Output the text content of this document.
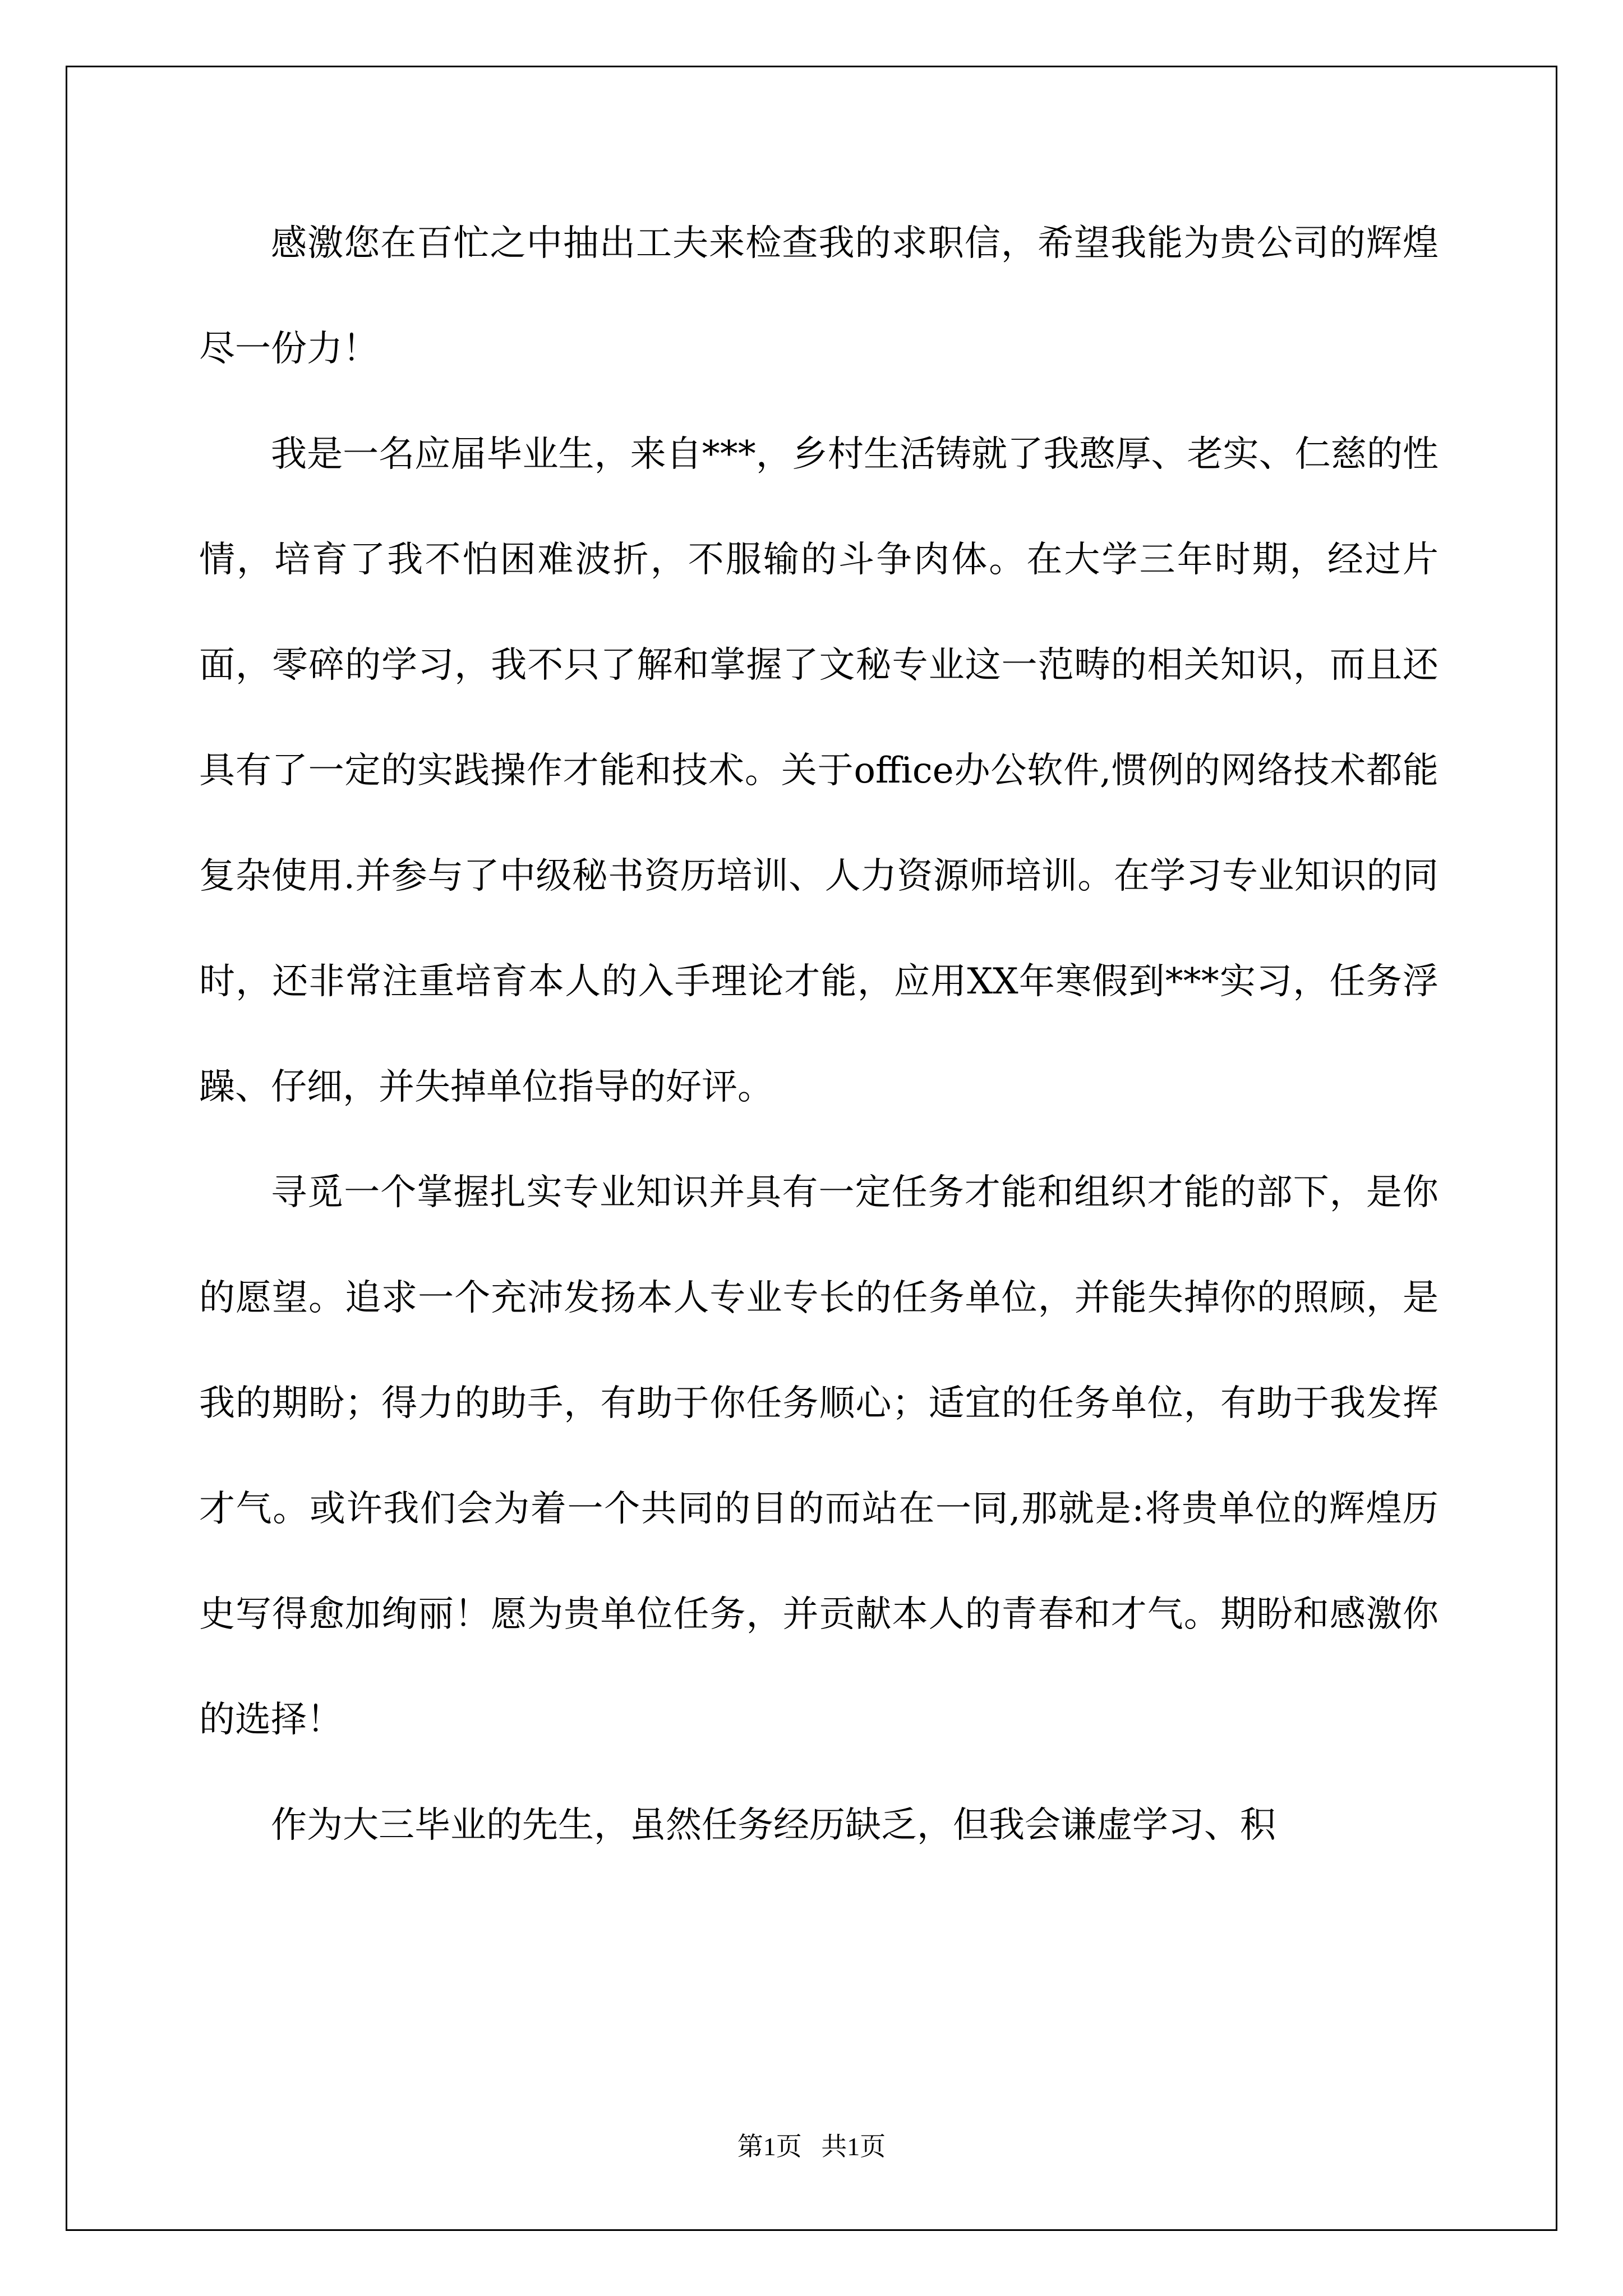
感激您在百忙之中抽出工夫来检查我的求职信，希望我能为贵公司的辉煌尽一份力！

我是一名应届毕业生，来自***，乡村生活铸就了我憨厚、老实、仁慈的性情，培育了我不怕困难波折，不服输的斗争肉体。在大学三年时期，经过片面，零碎的学习，我不只了解和掌握了文秘专业这一范畴的相关知识，而且还具有了一定的实践操作才能和技术。关于office办公软件,惯例的网络技术都能复杂使用.并参与了中级秘书资历培训、人力资源师培训。在学习专业知识的同时，还非常注重培育本人的入手理论才能，应用XX年寒假到***实习，任务浮躁、仔细，并失掉单位指导的好评。

寻觅一个掌握扎实专业知识并具有一定任务才能和组织才能的部下，是你的愿望。追求一个充沛发扬本人专业专长的任务单位，并能失掉你的照顾，是我的期盼；得力的助手，有助于你任务顺心；适宜的任务单位，有助于我发挥才气。或许我们会为着一个共同的目的而站在一同,那就是:将贵单位的辉煌历史写得愈加绚丽！愿为贵单位任务，并贡献本人的青春和才气。期盼和感激你的选择！

作为大三毕业的先生，虽然任务经历缺乏，但我会谦虚学习、积

第1页 共1页
